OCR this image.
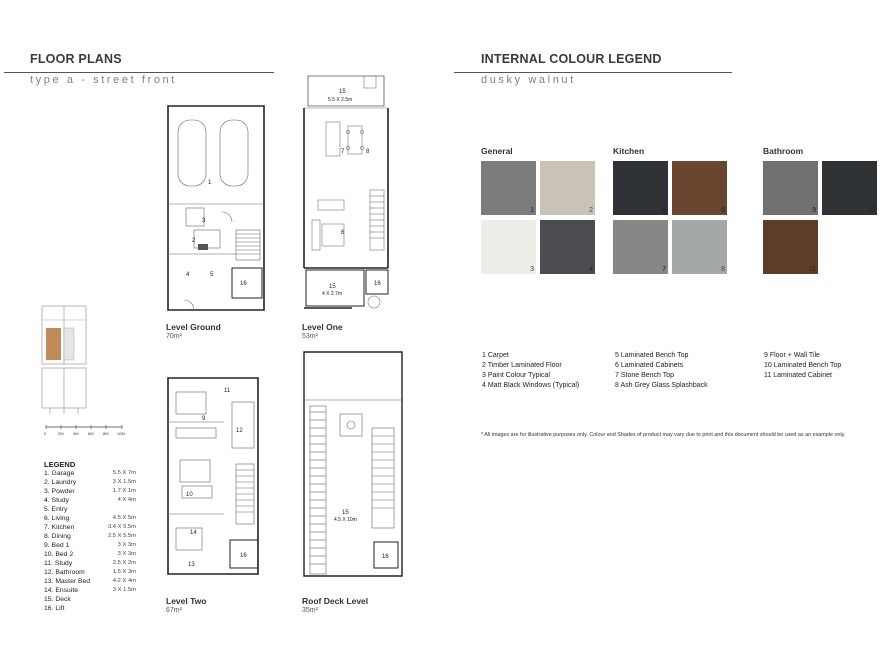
FLOOR PLANS
type a - street front
INTERNAL COLOUR LEGEND
dusky walnut
0	2M 4M 6M 8M 10M
LEGEND
1. Garage	5.5 X 7m
2. Laundry	3 X 1.5m
3. Powder	1.7 X 1m
4. Study	4 X 4m
5. Entry
6. Living	4.5 X 5m
7. Kitchen	3.4 X 5.5m
8. Dining	2.5 X 5.5m
9. Bed 1	3 X 3m
10. Bed 2	3 X 3m
11. Study	2.5 X 2m
12. Bathroom	1.5 X 3m
13. Master Bed	4.2 X 4m
14. Ensuite	3 X 1.5m
15. Deck
16. Lift
1
2
3
4	5
16
Level Ground
70m²
7	8
6
15
5.5 X 2.5m
15
4 X 2.7m
16
Level One
53m²
9
11
12
10
14
13
16
Level Two
67m²
15
4.5 X 10m
16
Roof Deck Level
35m²
General	Kitchen	Bathroom
1	2
3	4
5	6
7	8
9	10
11
1 Carpet
2 Timber Laminated Floor
3 Paint Colour Typical
4 Matt Black Windows (Typical)
5 Laminated Bench Top
6 Laminated Cabinets
7 Stone Bench Top
8 Ash Grey Glass Splashback
9 Floor + Wall Tile
10 Laminated Bench Top
11 Laminated Cabinet
* All images are for illustrative purposes only. Colour and Shades of product may vary due to print and this document should be used as an example only.
